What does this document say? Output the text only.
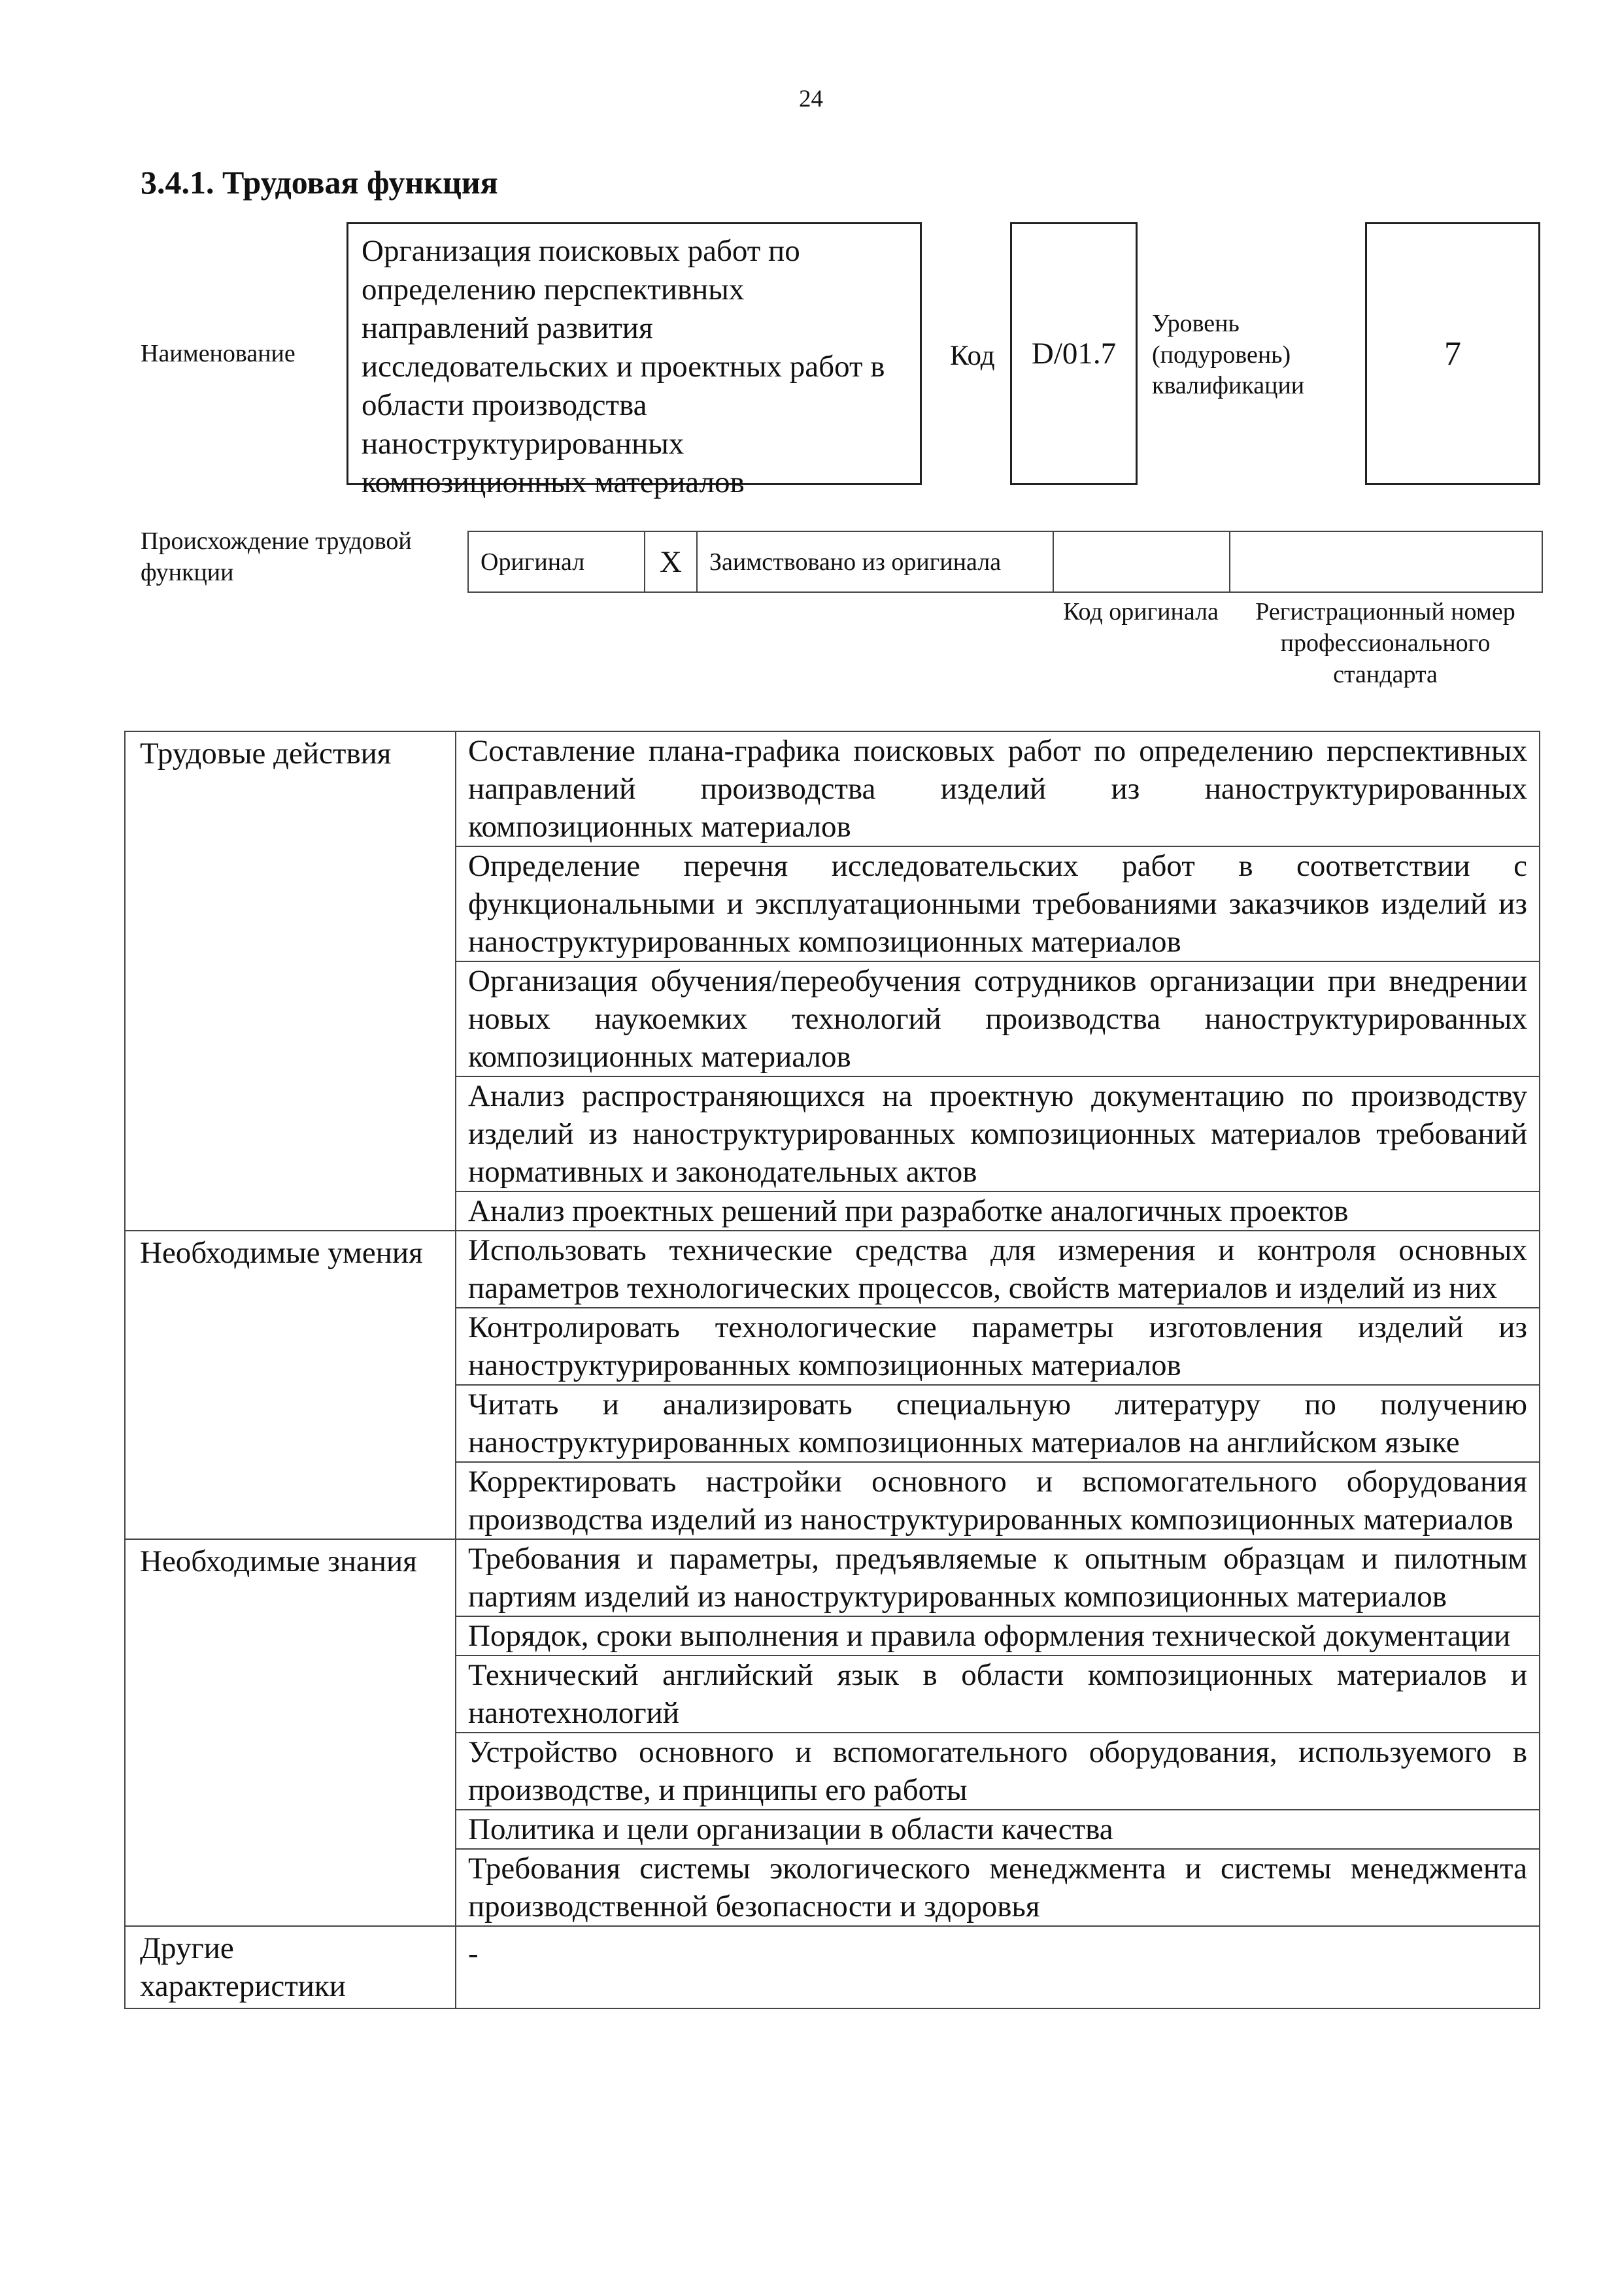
24
3.4.1. Трудовая функция
Наименование
Организация поисковых работ по определению перспективных направлений развития исследовательских и проектных работ в области производства наноструктурированных композиционных материалов
Код D/01.7
Уровень (подуровень) квалификации
7
Происхождение трудовой функции	Оригинал	X	Заимствовано из оригинала		
Код оригинала	Регистрационный номер профессионального стандарта
Трудовые действия	Составление плана-графика поисковых работ по определению перспективных направлений производства изделий из наноструктурированных композиционных материалов
	Определение перечня исследовательских работ в соответствии с функциональными и эксплуатационными требованиями заказчиков изделий из наноструктурированных композиционных материалов
	Организация обучения/переобучения сотрудников организации при внедрении новых наукоемких технологий производства наноструктурированных композиционных материалов
	Анализ распространяющихся на проектную документацию по производству изделий из наноструктурированных композиционных материалов требований нормативных и законодательных актов
	Анализ проектных решений при разработке аналогичных проектов
Необходимые умения	Использовать технические средства для измерения и контроля основных параметров технологических процессов, свойств материалов и изделий из них
	Контролировать технологические параметры изготовления изделий из наноструктурированных композиционных материалов
	Читать и анализировать специальную литературу по получению наноструктурированных композиционных материалов на английском языке
	Корректировать настройки основного и вспомогательного оборудования производства изделий из наноструктурированных композиционных материалов
Необходимые знания	Требования и параметры, предъявляемые к опытным образцам и пилотным партиям изделий из наноструктурированных композиционных материалов
	Порядок, сроки выполнения и правила оформления технической документации
	Технический английский язык в области композиционных материалов и нанотехнологий
	Устройство основного и вспомогательного оборудования, используемого в производстве, и принципы его работы
	Политика и цели организации в области качества
	Требования системы экологического менеджмента и системы менеджмента производственной безопасности и здоровья
Другие характеристики	-
